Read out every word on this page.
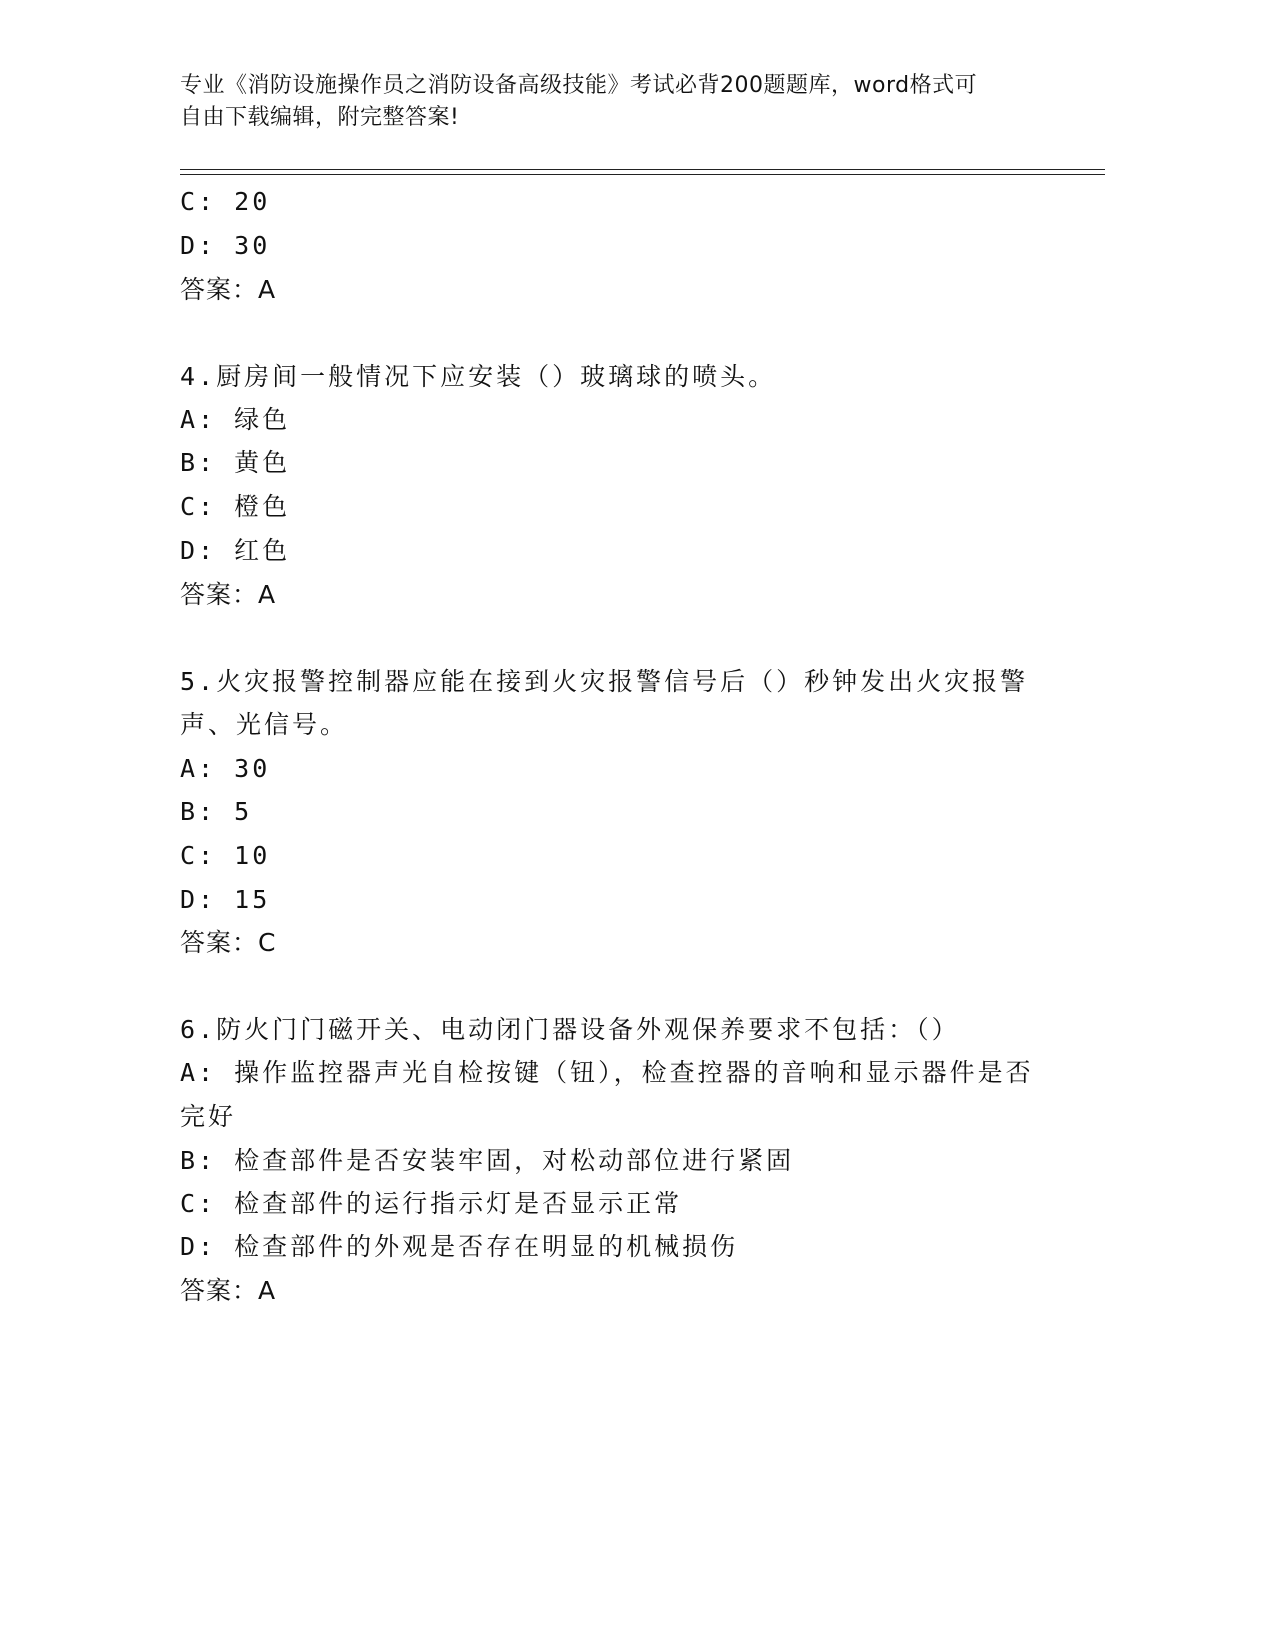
专业《消防设施操作员之消防设备高级技能》考试必背200题题库，word格式可
自由下载编辑，附完整答案!
C: 20
D: 30
答案：A
4.厨房间一般情况下应安装（）玻璃球的喷头。
A: 绿色
B: 黄色
C: 橙色
D: 红色
答案：A
5.火灾报警控制器应能在接到火灾报警信号后（）秒钟发出火灾报警
声、光信号。
A: 30
B: 5
C: 10
D: 15
答案：C
6.防火门门磁开关、电动闭门器设备外观保养要求不包括：（）
A: 操作监控器声光自检按键（钮），检查控器的音响和显示器件是否
完好
B: 检查部件是否安装牢固，对松动部位进行紧固
C: 检查部件的运行指示灯是否显示正常
D: 检查部件的外观是否存在明显的机械损伤
答案：A
